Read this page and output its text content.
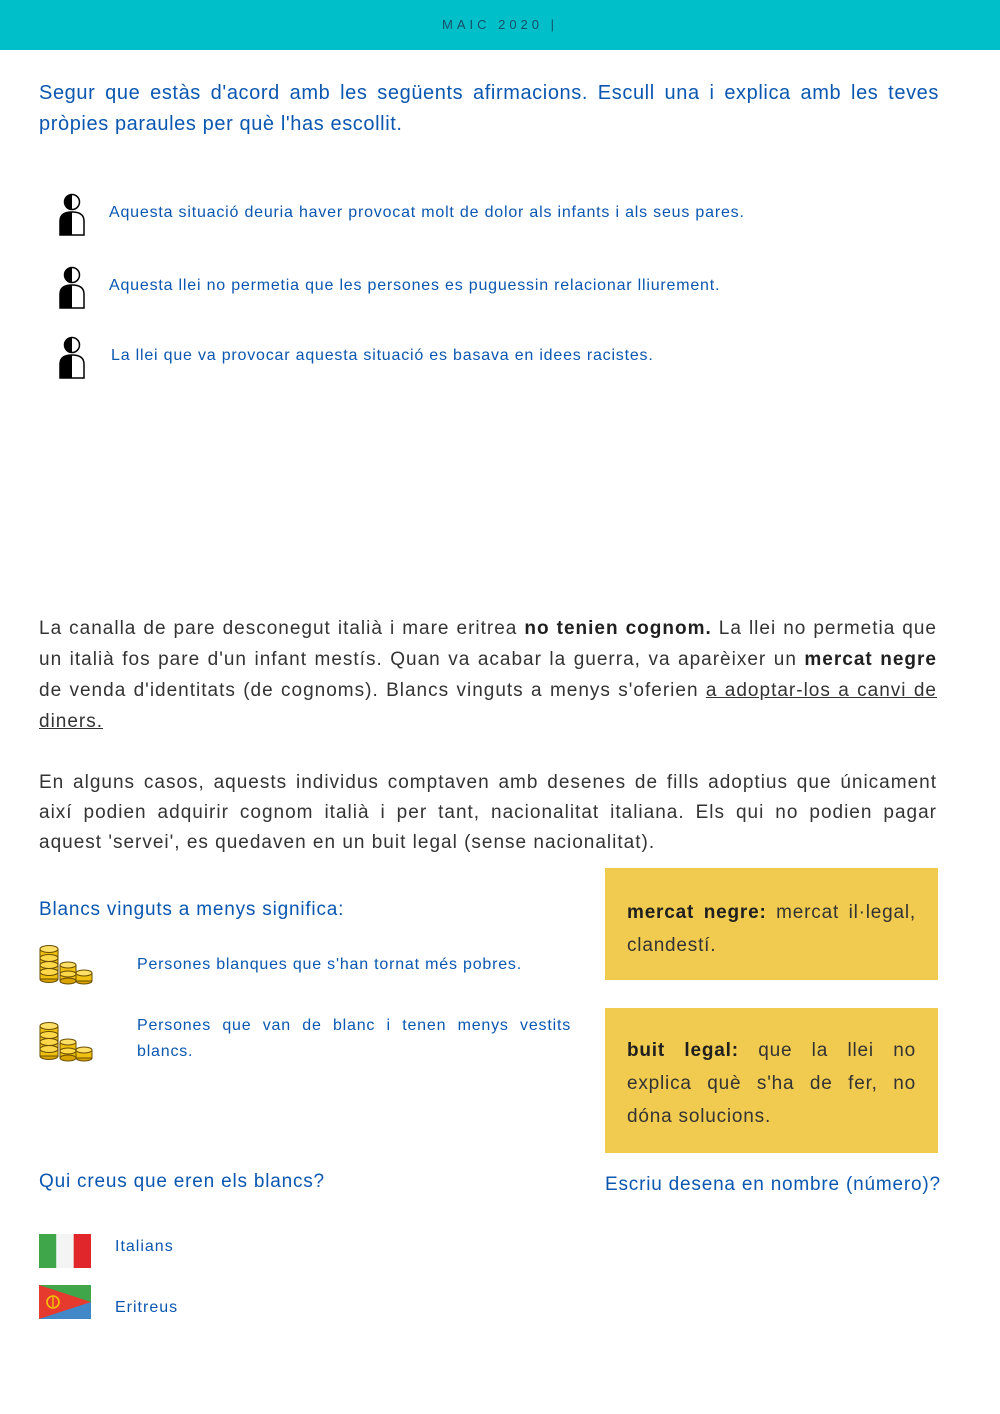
MAIC 2020 |
Segur que estàs d'acord amb les següents afirmacions. Escull una i explica amb les teves pròpies paraules per què l'has escollit.
Aquesta situació deuria haver provocat molt de dolor als infants i als seus pares.
Aquesta llei no permetia que les persones es puguessin relacionar lliurement.
La llei que va provocar aquesta situació es basava en idees racistes.
La canalla de pare desconegut italià i mare eritrea no tenien cognom. La llei no permetia que un italià fos pare d'un infant mestís. Quan va acabar la guerra, va aparèixer un mercat negre de venda d'identitats (de cognoms). Blancs vinguts a menys s'oferien a adoptar-los a canvi de diners.
En alguns casos, aquests individus comptaven amb desenes de fills adoptius que únicament així podien adquirir cognom italià i per tant, nacionalitat italiana. Els qui no podien pagar aquest 'servei', es quedaven en un buit legal (sense nacionalitat).
Blancs vinguts a menys significa:
Persones blanques que s'han tornat més pobres.
Persones que van de blanc i tenen menys vestits blancs.
mercat negre: mercat il·legal, clandestí.
buit legal: que la llei no explica què s'ha de fer, no dóna solucions.
Qui creus que eren els blancs?
Italians
Eritreus
Escriu desena en nombre (número)?
